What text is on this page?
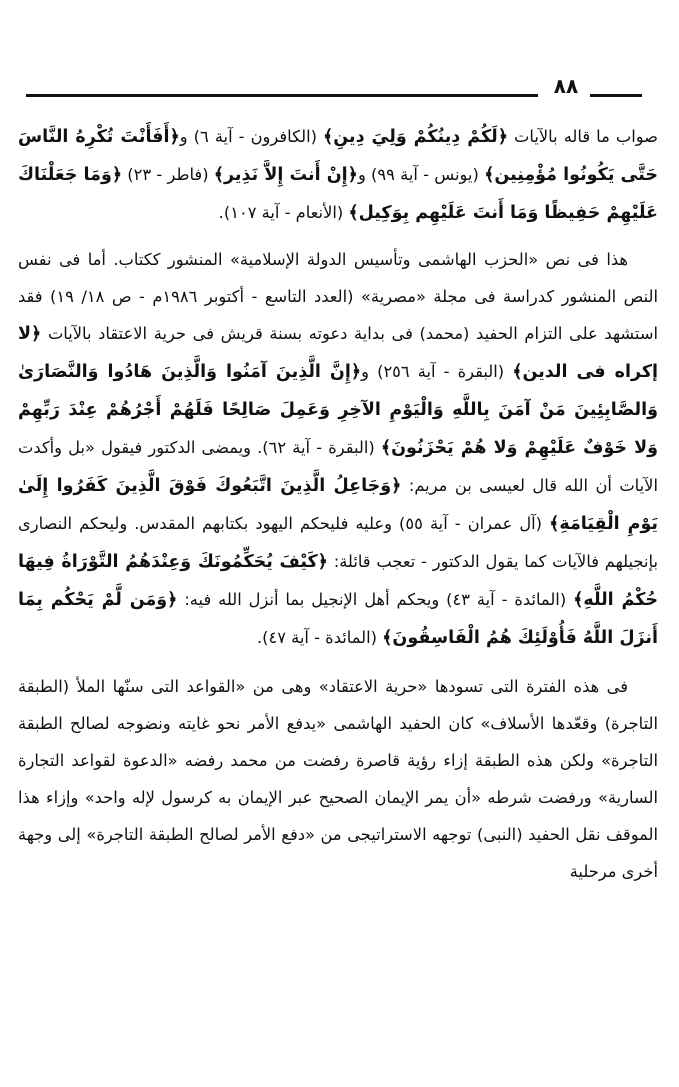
٨٨

صواب ما قاله بالآيات ﴿لَكُمْ دِينُكُمْ وَلِيَ دِينِ﴾ (الكافرون - آية ٦) و﴿أَفَأَنْتَ تُكْرِهُ النَّاسَ حَتَّى يَكُونُوا مُؤْمِنِين﴾ (يونس - آية ٩٩) و﴿إِنْ أَنتَ إِلاَّ نَذِير﴾ (فاطر - ٢٣) ﴿وَمَا جَعَلْنَاكَ عَلَيْهِمْ حَفِيظًا وَمَا أَنتَ عَلَيْهِم بِوَكِيل﴾ (الأنعام - آية ١٠٧).

هذا فى نص «الحزب الهاشمى وتأسيس الدولة الإسلامية» المنشور ككتاب. أما فى نفس النص المنشور كدراسة فى مجلة «مصرية» (العدد التاسع - أكتوبر ١٩٨٦م - ص ١٨/ ١٩) فقد استشهد على التزام الحفيد (محمد) فى بداية دعوته بسنة قريش فى حرية الاعتقاد بالآيات ﴿لا إكراه فى الدين﴾ (البقرة - آية ٢٥٦) و﴿إِنَّ الَّذِينَ آمَنُوا وَالَّذِينَ هَادُوا وَالنَّصَارَىٰ وَالصَّابِئِينَ مَنْ آمَنَ بِاللَّهِ وَالْيَوْمِ الآخِرِ وَعَمِلَ صَالِحًا فَلَهُمْ أَجْرُهُمْ عِنْدَ رَبِّهِمْ وَلا خَوْفٌ عَلَيْهِمْ وَلا هُمْ يَحْزَنُونَ﴾ (البقرة - آية ٦٢). ويمضى الدكتور فيقول «بل وأكدت الآيات أن الله قال لعيسى بن مريم: ﴿وَجَاعِلُ الَّذِينَ اتَّبَعُوكَ فَوْقَ الَّذِينَ كَفَرُوا إِلَىٰ يَوْمِ الْقِيَامَةِ﴾ (آل عمران - آية ٥٥) وعليه فليحكم اليهود بكتابهم المقدس. وليحكم النصارى بإنجيلهم فالآيات كما يقول الدكتور - تعجب قائلة: ﴿كَيْفَ يُحَكِّمُونَكَ وَعِنْدَهُمُ التَّوْرَاةُ فِيهَا حُكْمُ اللَّهِ﴾ (المائدة - آية ٤٣) ويحكم أهل الإنجيل بما أنزل الله فيه: ﴿وَمَن لَّمْ يَحْكُم بِمَا أَنزَلَ اللَّهُ فَأُوْلَئِكَ هُمُ الْفَاسِقُونَ﴾ (المائدة - آية ٤٧).

فى هذه الفترة التى تسودها «حرية الاعتقاد» وهى من «القواعد التى سنّها الملأ (الطبقة التاجرة) وقعّدها الأسلاف» كان الحفيد الهاشمى «يدفع الأمر نحو غايته ونضوجه لصالح الطبقة التاجرة» ولكن هذه الطبقة إزاء رؤية قاصرة رفضت من محمد رفضه «الدعوة لقواعد التجارة السارية» ورفضت شرطه «أن يمر الإيمان الصحيح عبر الإيمان به كرسول لإله واحد» وإزاء هذا الموقف نقل الحفيد (النبى) توجهه الاستراتيجى من «دفع الأمر لصالح الطبقة التاجرة» إلى وجهة أخرى مرحلية
